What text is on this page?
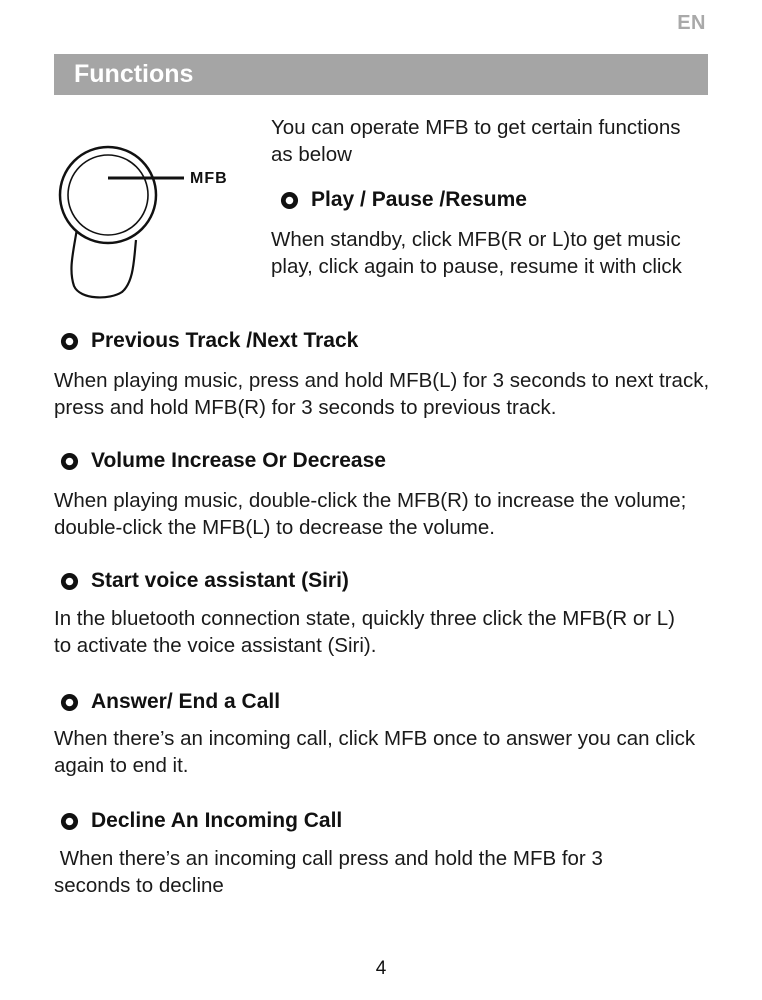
EN
Functions
MFB
You can operate MFB to get certain functions as below
Play / Pause /Resume
When standby, click MFB(R or L)to get music play, click again to pause, resume it with click
Previous Track /Next Track
When playing music, press and hold MFB(L) for 3 seconds to next track, press and hold MFB(R) for 3 seconds to previous track.
Volume Increase Or Decrease
When playing music, double-click the MFB(R) to increase the volume; double-click the MFB(L) to decrease the volume.
Start voice assistant (Siri)
In the bluetooth connection state, quickly three click the MFB(R or L) to activate the voice assistant (Siri).
Answer/ End a Call
When there’s an incoming call, click MFB once to answer you can click again to end it.
Decline An Incoming Call
When there’s an incoming call press and hold the MFB for 3 seconds to decline
4
